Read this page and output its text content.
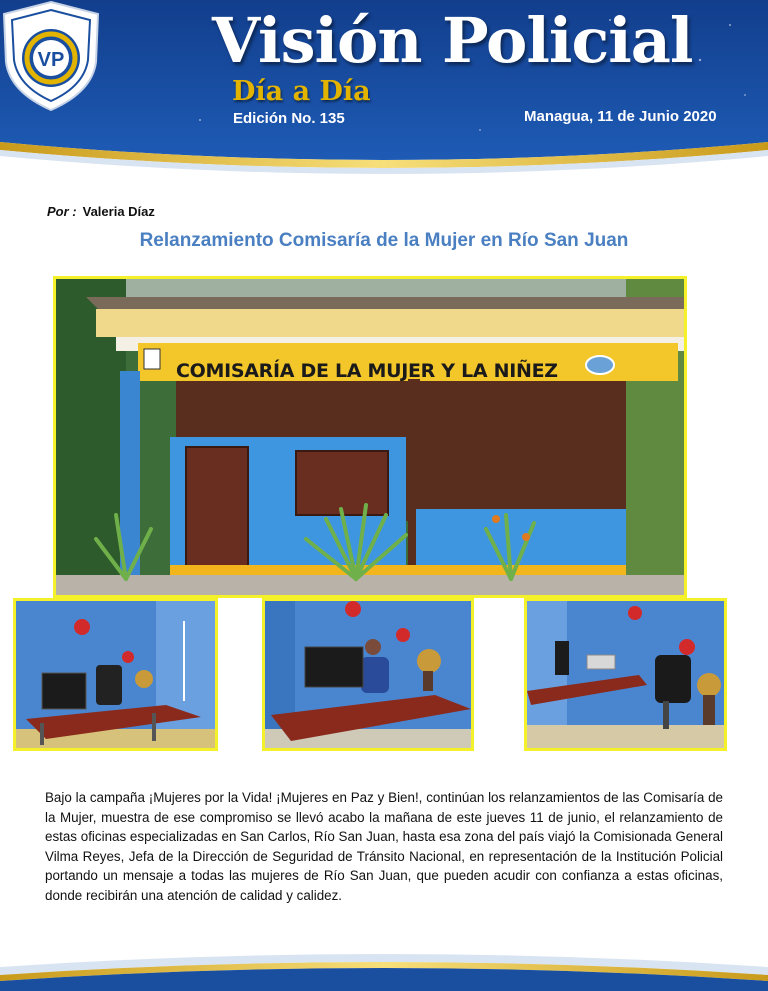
VP Visión Policial
Día a Día
Edición No. 135	Managua, 11 de Junio 2020
Por : Valeria Díaz
Relanzamiento Comisaría de la Mujer en Río San Juan
COMISARÍA DE LA MUJER Y LA NIÑEZ

Bajo la campaña ¡Mujeres por la Vida! ¡Mujeres en Paz y Bien!, continúan los relanzamientos de las Comisaría de la Mujer, muestra de ese compromiso se llevó acabo la mañana de este jueves 11 de junio, el relanzamiento de estas oficinas especializadas en San Carlos, Río San Juan, hasta esa zona del país viajó la Comisionada General Vilma Reyes, Jefa de la Dirección de Seguridad de Tránsito Nacional, en representación de la Institución Policial portando un mensaje a todas las mujeres de Río San Juan, que pueden acudir con confianza a estas oficinas, donde recibirán una atención de calidad y calidez.
